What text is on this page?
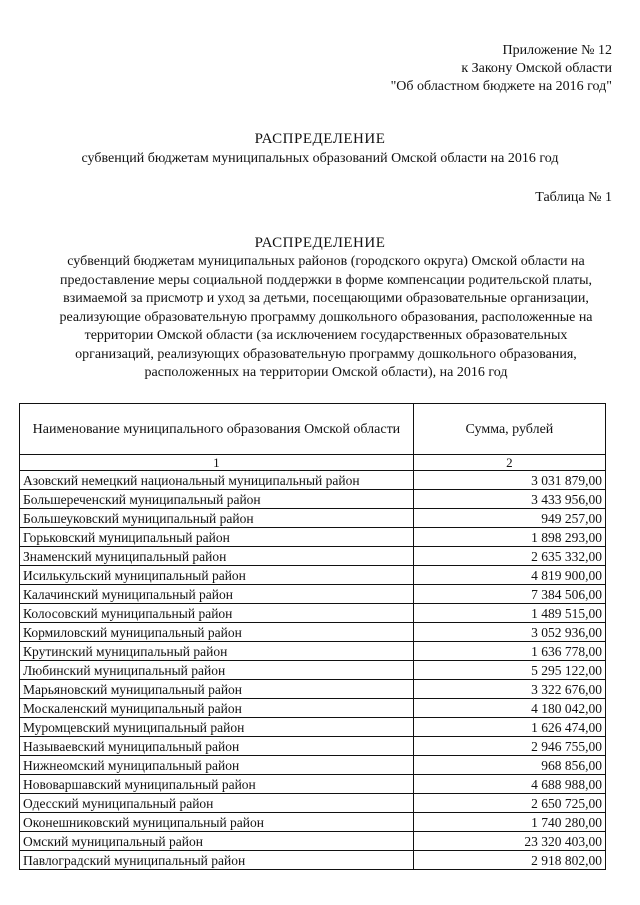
Приложение № 12
к Закону Омской области
"Об областном бюджете на 2016 год"
РАСПРЕДЕЛЕНИЕ
субвенций бюджетам муниципальных образований Омской области на 2016 год
Таблица № 1
РАСПРЕДЕЛЕНИЕ
субвенций бюджетам муниципальных районов (городского округа) Омской области на предоставление меры социальной поддержки в форме компенсации родительской платы, взимаемой за присмотр и уход за детьми, посещающими образовательные организации, реализующие образовательную программу дошкольного образования, расположенные на территории Омской области (за исключением государственных образовательных организаций, реализующих образовательную программу дошкольного образования, расположенных на территории Омской области), на 2016 год
Наименование муниципального образования Омской области	Сумма, рублей
1	2
Азовский немецкий национальный муниципальный район	3 031 879,00
Большереченский муниципальный район	3 433 956,00
Большеуковский муниципальный район	949 257,00
Горьковский муниципальный район	1 898 293,00
Знаменский муниципальный район	2 635 332,00
Исилькульский муниципальный район	4 819 900,00
Калачинский муниципальный район	7 384 506,00
Колосовский муниципальный район	1 489 515,00
Кормиловский муниципальный район	3 052 936,00
Крутинский муниципальный район	1 636 778,00
Любинский муниципальный район	5 295 122,00
Марьяновский муниципальный район	3 322 676,00
Москаленский муниципальный район	4 180 042,00
Муромцевский муниципальный район	1 626 474,00
Называевский муниципальный район	2 946 755,00
Нижнеомский муниципальный район	968 856,00
Нововаршавский муниципальный район	4 688 988,00
Одесский муниципальный район	2 650 725,00
Оконешниковский муниципальный район	1 740 280,00
Омский муниципальный район	23 320 403,00
Павлоградский муниципальный район	2 918 802,00
